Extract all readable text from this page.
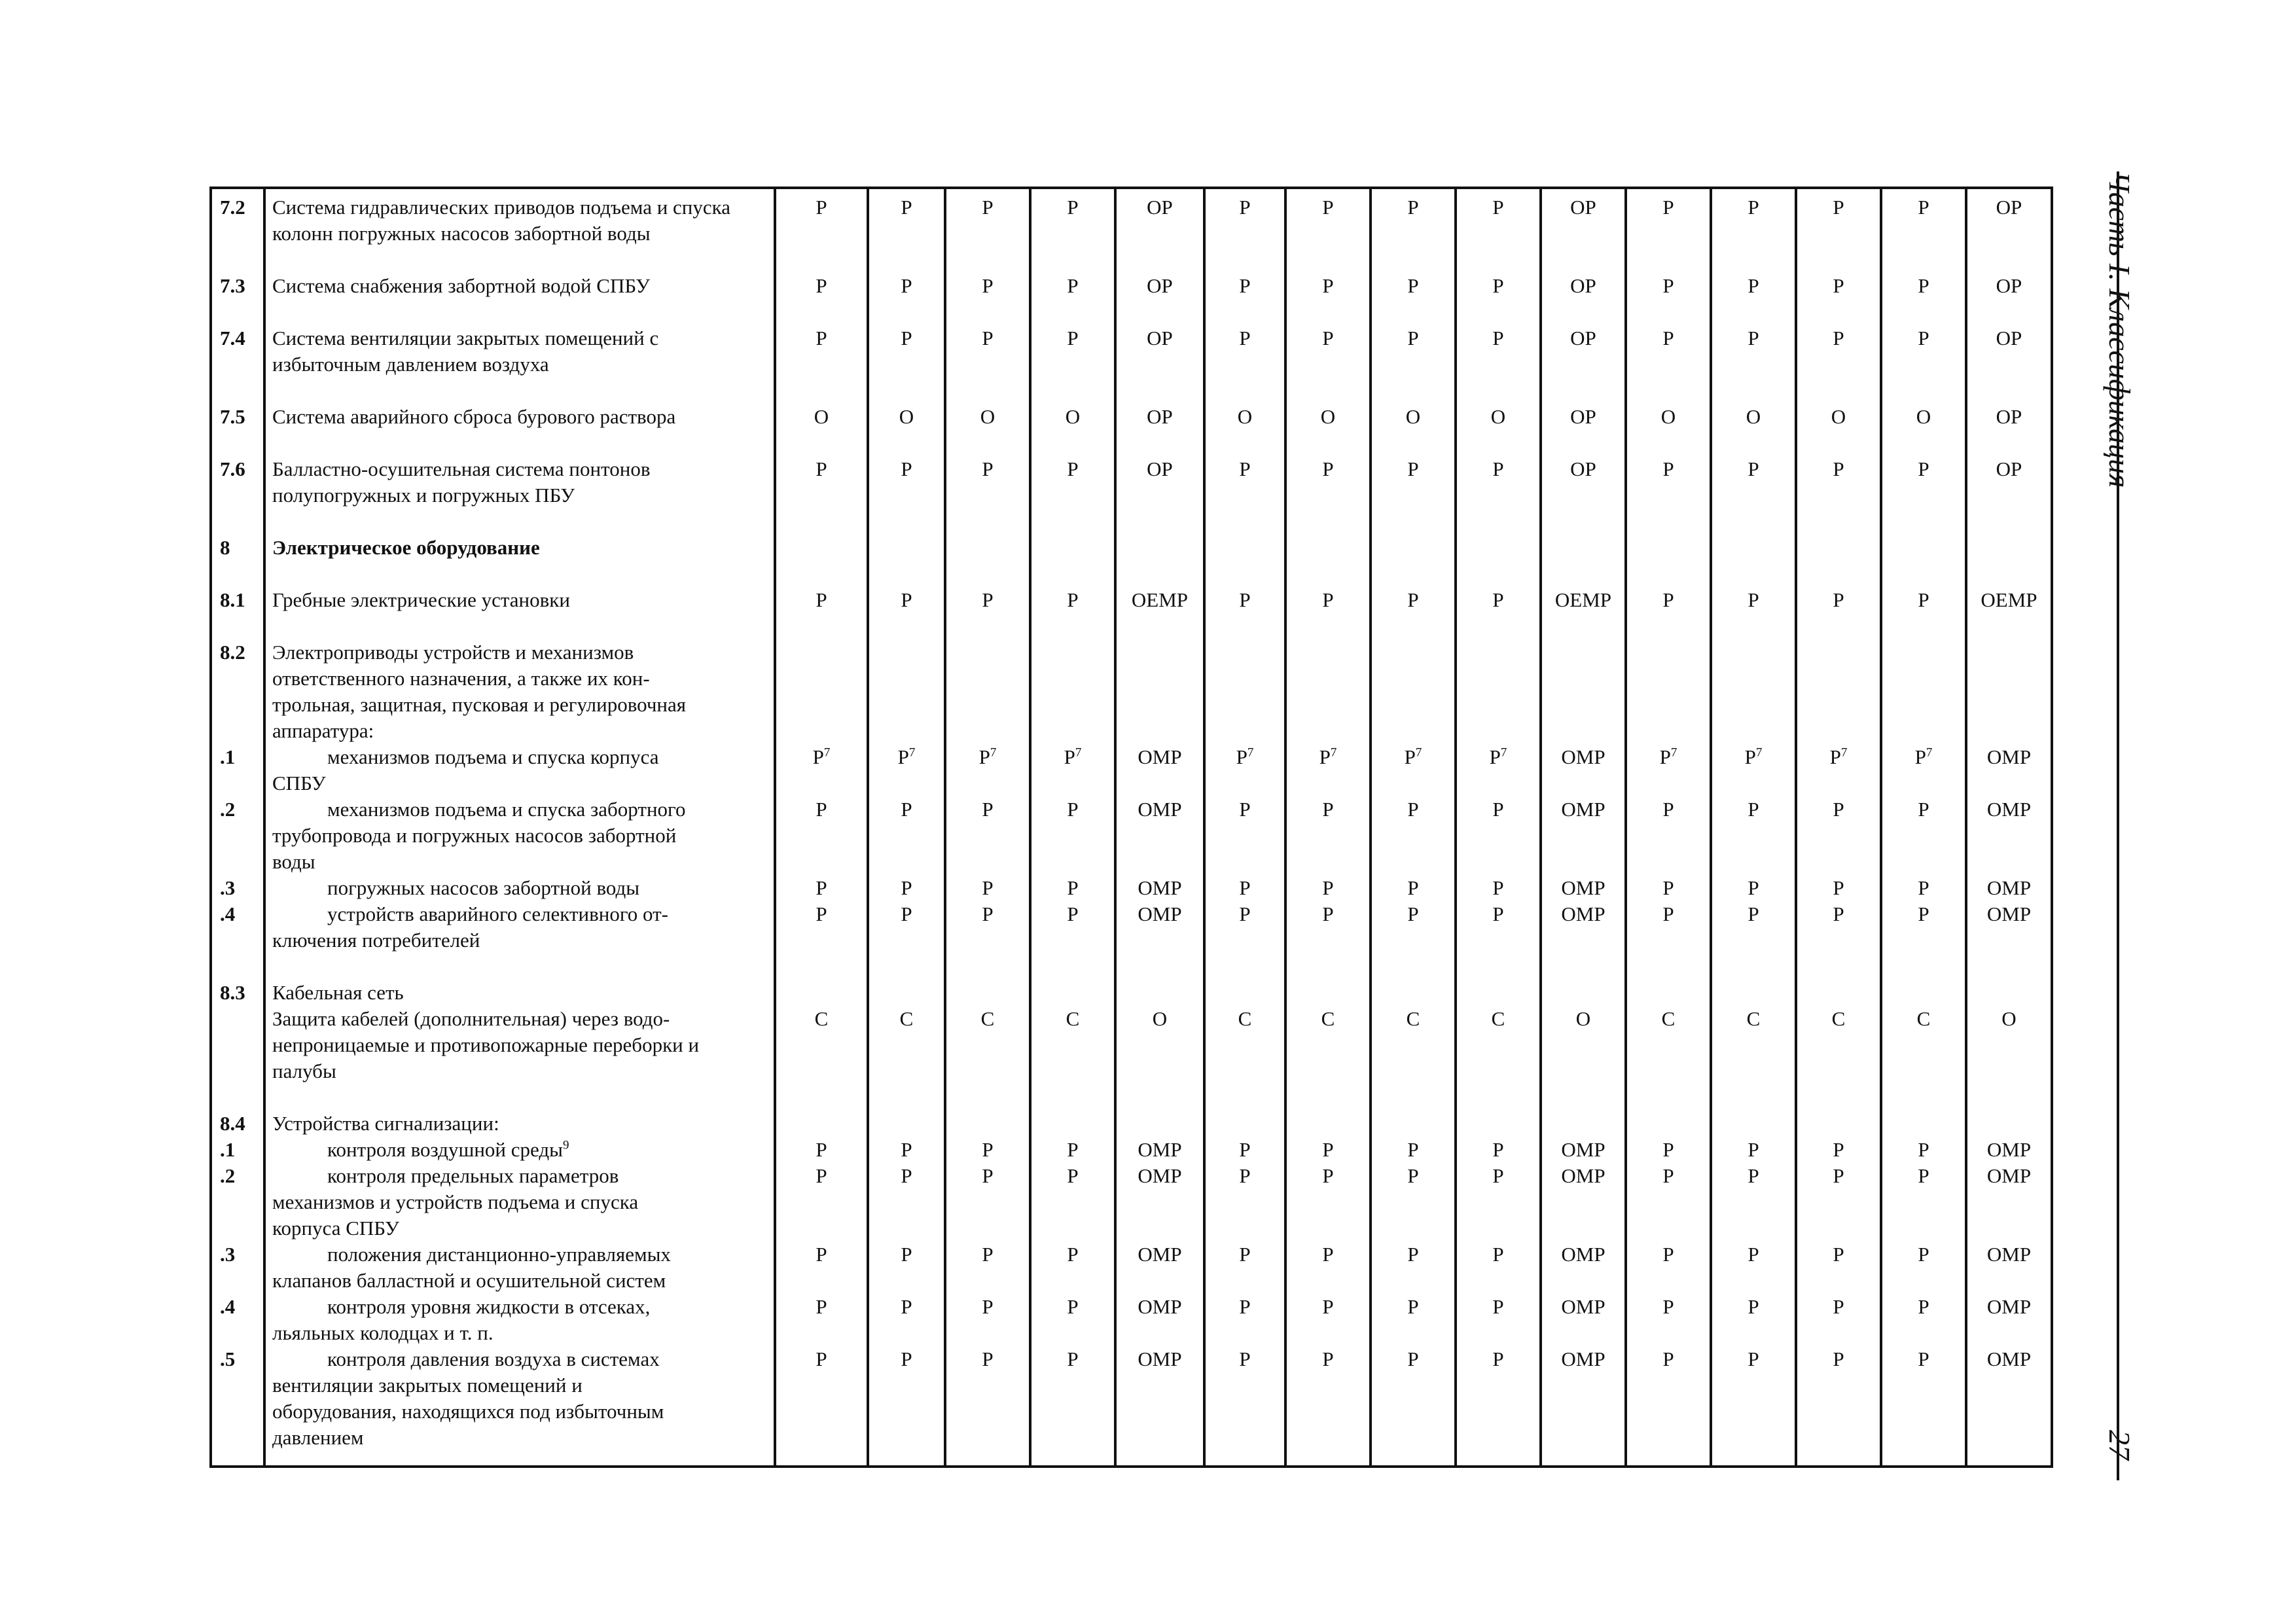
7.2	Система гидравлических приводов подъема и спуска
колонн погружных насосов забортной воды	P	P	P	P	OP	P	P	P	P	OP	P	P	P	P	OP
7.3	Система снабжения забортной водой СПБУ	P	P	P	P	OP	P	P	P	P	OP	P	P	P	P	OP
7.4	Система вентиляции закрытых помещений с
избыточным давлением воздуха	P	P	P	P	OP	P	P	P	P	OP	P	P	P	P	OP
7.5	Система аварийного сброса бурового раствора	O	O	O	O	OP	O	O	O	O	OP	O	O	O	O	OP
7.6	Балластно-осушительная система понтонов
полупогружных и погружных ПБУ	P	P	P	P	OP	P	P	P	P	OP	P	P	P	P	OP
8	Электрическое оборудование															

8.1	Гребные электрические установки	P	P	P	P	OEMP	P	P	P	P	OEMP	P	P	P	P	OEMP
8.2	Электроприводы устройств и механизмов
ответственного назначения, а также их кон-
трольная, защитная, пусковая и регулировочная
аппаратура:															

.1	механизмов подъема и спуска корпуса
СПБУ	$P^7$	$P^7$	$P^7$	$P^7$	OMP	$P^7$	$P^7$	$P^7$	$P^7$	OMP	$P^7$	$P^7$	$P^7$	$P^7$	OMP
.2	механизмов подъема и спуска забортного
трубопровода и погружных насосов забортной
воды	P	P	P	P	OMP	P	P	P	P	OMP	P	P	P	P	OMP
.3	погружных насосов забортной воды	P	P	P	P	OMP	P	P	P	P	OMP	P	P	P	P	OMP
.4	устройств аварийного селективного от-
ключения потребителей	P	P	P	P	OMP	P	P	P	P	OMP	P	P	P	P	OMP
8.3	Кабельная сеть															

	Защита кабелей (дополнительная) через водо-
непроницаемые и противопожарные переборки и
палубы	C	C	C	C	O	C	C	C	C	O	C	C	C	C	O
8.4	Устройства сигнализации:															

.1	контроля воздушной среды$^9$	P	P	P	P	OMP	P	P	P	P	OMP	P	P	P	P	OMP
.2	контроля предельных параметров
механизмов и устройств подъема и спуска
корпуса СПБУ	P	P	P	P	OMP	P	P	P	P	OMP	P	P	P	P	OMP
.3	положения дистанционно-управляемых
клапанов балластной и осушительной систем	P	P	P	P	OMP	P	P	P	P	OMP	P	P	P	P	OMP
.4	контроля уровня жидкости в отсеках,
льяльных колодцах и т. п.	P	P	P	P	OMP	P	P	P	P	OMP	P	P	P	P	OMP
.5	контроля давления воздуха в системах
вентиляции закрытых помещений и
оборудования, находящихся под избыточным
давлением	P	P	P	P	OMP	P	P	P	P	OMP	P	P	P	P	OMP
Часть I. Классификация
27
